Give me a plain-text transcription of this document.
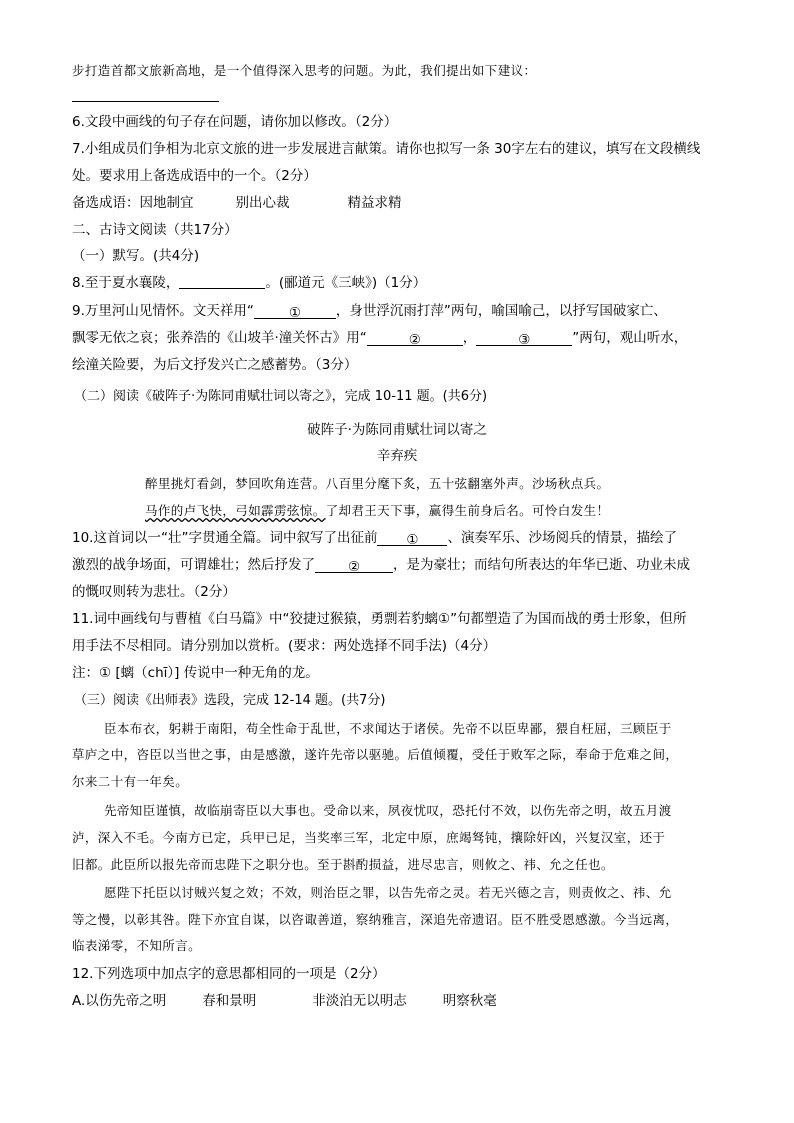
步打造首都文旅新高地，是一个值得深入思考的问题。为此，我们提出如下建议：
6.文段中画线的句子存在问题，请你加以修改。（2分）
7.小组成员们争相为北京文旅的进一步发展进言献策。请你也拟写一条 30字左右的建议，填写在文段横线
处。要求用上备选成语中的一个。（2分）
备选成语：因地制宜	别出心裁	精益求精
二、古诗文阅读（共17分）
（一）默写。(共4分)
8.至于夏水襄陵，	。(郦道元《三峡》)（1分）
9.万里河山见情怀。文天祥用“	①	，身世浮沉雨打萍”两句，喻国喻己，以抒写国破家亡、
飘零无依之哀；张养浩的《山坡羊·潼关怀古》用“	②	，	③	”两句，观山听水，
绘潼关险要，为后文抒发兴亡之感蓄势。（3分）
（二）阅读《破阵子·为陈同甫赋壮词以寄之》，完成 10-11 题。(共6分)
破阵子·为陈同甫赋壮词以寄之
辛弃疾
醉里挑灯看剑，梦回吹角连营。八百里分麾下炙，五十弦翻塞外声。沙场秋点兵。
马作的卢飞快，弓如霹雳弦惊。了却君王天下事，赢得生前身后名。可怜白发生！
10.这首词以一“壮”字贯通全篇。词中叙写了出征前 ① 、演奏军乐、沙场阅兵的情景，描绘了
激烈的战争场面，可谓雄壮；然后抒发了 ② ，是为豪壮；而结句所表达的年华已逝、功业未成
的慨叹则转为悲壮。（2分）
11.词中画线句与曹植《白马篇》中“狡捷过猴猿，勇剽若豹螭①”句都塑造了为国而战的勇士形象，但所
用手法不尽相同。请分别加以赏析。(要求：两处选择不同手法)（4分）
注：① [螭（chī）] 传说中一种无角的龙。
（三）阅读《出师表》选段，完成 12-14 题。(共7分)
臣本布衣，躬耕于南阳，苟全性命于乱世，不求闻达于诸侯。先帝不以臣卑鄙，猥自枉屈，三顾臣于
草庐之中，咨臣以当世之事，由是感激，遂许先帝以驱驰。后值倾覆，受任于败军之际，奉命于危难之间，
尔来二十有一年矣。
先帝知臣谨慎，故临崩寄臣以大事也。受命以来，夙夜忧叹，恐托付不效，以伤先帝之明，故五月渡
泸，深入不毛。今南方已定，兵甲已足，当奖率三军，北定中原，庶竭驽钝，攘除奸凶，兴复汉室，还于
旧都。此臣所以报先帝而忠陛下之职分也。至于斟酌损益，进尽忠言，则攸之、祎、允之任也。
愿陛下托臣以讨贼兴复之效；不效，则治臣之罪，以告先帝之灵。若无兴德之言，则责攸之、祎、允
等之慢，以彰其咎。陛下亦宜自谋，以咨诹善道，察纳雅言，深追先帝遗诏。臣不胜受恩感激。今当远离，
临表涕零，不知所言。
12.下列选项中加点字的意思都相同的一项是（2分）
A.以伤先帝之明	春和景明	非淡泊无以明志	明察秋毫
